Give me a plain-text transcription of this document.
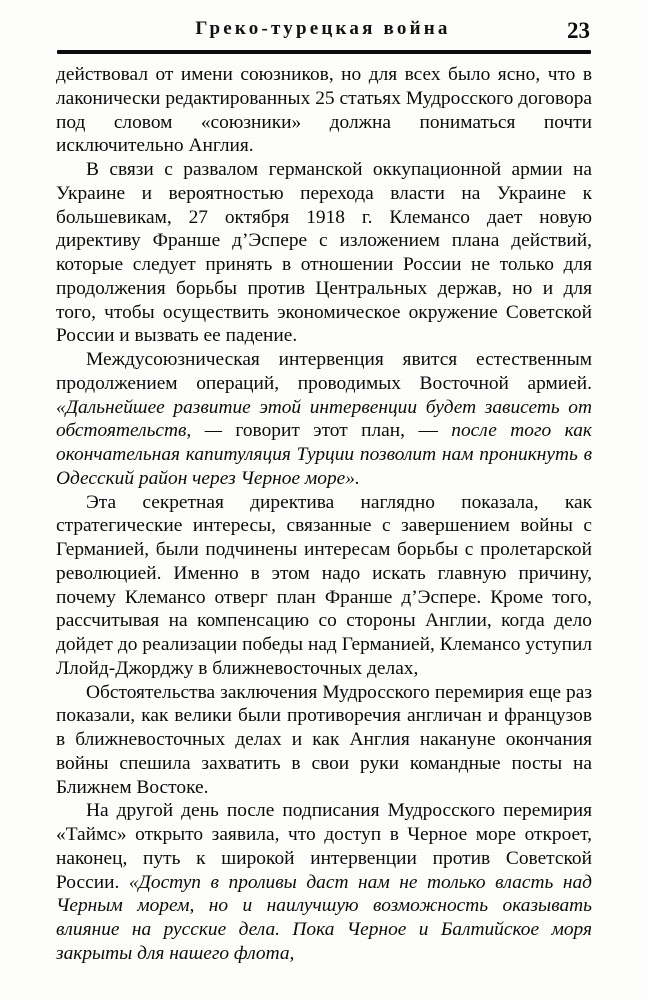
Греко-турецкая война	23

действовал от имени союзников, но для всех было ясно, что в лаконически редактированных 25 статьях Мудросского договора под словом «союзники» должна пониматься почти исключительно Англия.

В связи с развалом германской оккупационной армии на Украине и вероятностью перехода власти на Украине к большевикам, 27 октября 1918 г. Клемансо дает новую директиву Франше д’Эспере с изложением плана действий, которые следует принять в отношении России не только для продолжения борьбы против Центральных держав, но и для того, чтобы осуществить экономическое окружение Советской России и вызвать ее падение.

Междусоюзническая интервенция явится естественным продолжением операций, проводимых Восточной армией. «Дальнейшее развитие этой интервенции будет зависеть от обстоятельств, — говорит этот план, — после того как окончательная капитуляция Турции позволит нам проникнуть в Одесский район через Черное море».

Эта секретная директива наглядно показала, как стратегические интересы, связанные с завершением войны с Германией, были подчинены интересам борьбы с пролетарской революцией. Именно в этом надо искать главную причину, почему Клемансо отверг план Франше д’Эспере. Кроме того, рассчитывая на компенсацию со стороны Англии, когда дело дойдет до реализации победы над Германией, Клемансо уступил Ллойд-Джорджу в ближневосточных делах,

Обстоятельства заключения Мудросского перемирия еще раз показали, как велики были противоречия англичан и французов в ближневосточных делах и как Англия накануне окончания войны спешила захватить в свои руки командные посты на Ближнем Востоке.

На другой день после подписания Мудросского перемирия «Таймс» открыто заявила, что доступ в Черное море откроет, наконец, путь к широкой интервенции против Советской России. «Доступ в проливы даст нам не только власть над Черным морем, но и наилучшую возможность оказывать влияние на русские дела. Пока Черное и Балтийское моря закрыты для нашего флота,
